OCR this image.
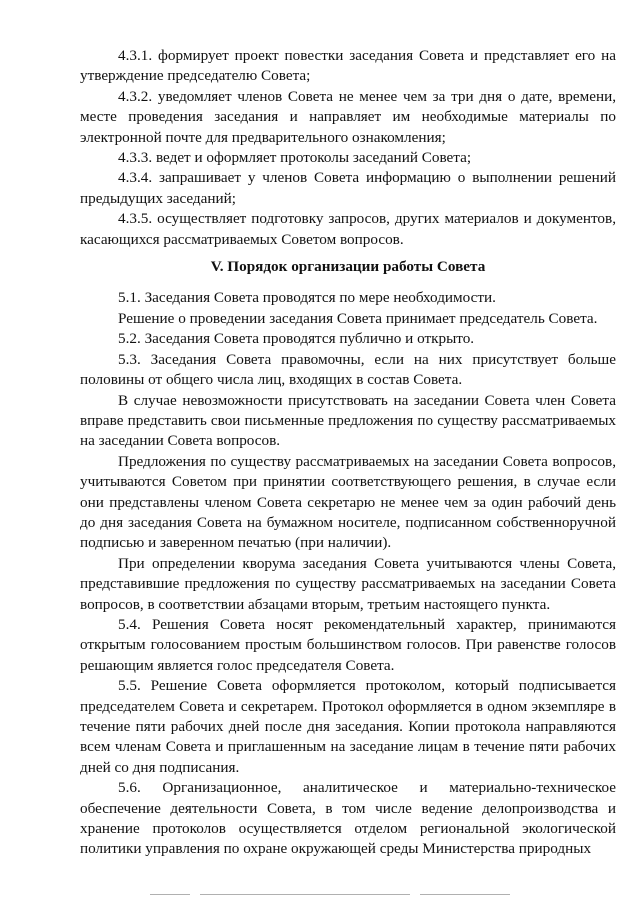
4.3.1. формирует проект повестки заседания Совета и представляет его на утверждение председателю Совета;

4.3.2. уведомляет членов Совета не менее чем за три дня о дате, времени, месте проведения заседания и направляет им необходимые материалы по электронной почте для предварительного ознакомления;

4.3.3. ведет и оформляет протоколы заседаний Совета;

4.3.4. запрашивает у членов Совета информацию о выполнении решений предыдущих заседаний;

4.3.5. осуществляет подготовку запросов, других материалов и документов, касающихся рассматриваемых Советом вопросов.

V. Порядок организации работы Совета

5.1. Заседания Совета проводятся по мере необходимости.

Решение о проведении заседания Совета принимает председатель Совета.

5.2. Заседания Совета проводятся публично и открыто.

5.3. Заседания Совета правомочны, если на них присутствует больше половины от общего числа лиц, входящих в состав Совета.

В случае невозможности присутствовать на заседании Совета член Совета вправе представить свои письменные предложения по существу рассматриваемых на заседании Совета вопросов.

Предложения по существу рассматриваемых на заседании Совета вопросов, учитываются Советом при принятии соответствующего решения, в случае если они представлены членом Совета секретарю не менее чем за один рабочий день до дня заседания Совета на бумажном носителе, подписанном собственноручной подписью и заверенном печатью (при наличии).

При определении кворума заседания Совета учитываются члены Совета, представившие предложения по существу рассматриваемых на заседании Совета вопросов, в соответствии абзацами вторым, третьим настоящего пункта.

5.4. Решения Совета носят рекомендательный характер, принимаются открытым голосованием простым большинством голосов. При равенстве голосов решающим является голос председателя Совета.

5.5. Решение Совета оформляется протоколом, который подписывается председателем Совета и секретарем. Протокол оформляется в одном экземпляре в течение пяти рабочих дней после дня заседания. Копии протокола направляются всем членам Совета и приглашенным на заседание лицам в течение пяти рабочих дней со дня подписания.

5.6. Организационное, аналитическое и материально-техническое обеспечение деятельности Совета, в том числе ведение делопроизводства и хранение протоколов осуществляется отделом региональной экологической политики управления по охране окружающей среды Министерства природных
